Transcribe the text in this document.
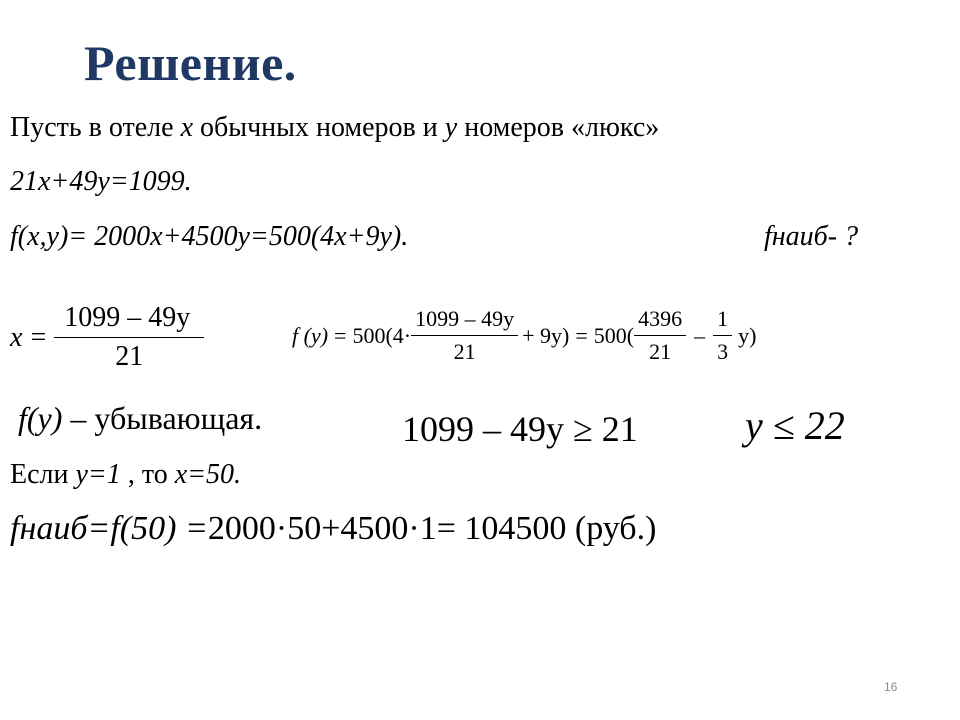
Решение.
Пусть в отеле x обычных номеров и y номеров «люкс»
21x+49y=1099.
f(x,y)= 2000x+4500y=500(4x+9y).	fнаиб- ?
$x = \frac{1099 - 49y}{21}$	f $(y) = 500(4\cdot \frac{1099 - 49y}{21} + 9y) = 500( \frac{4396}{21} - \frac{1}{3} y)$
f(y) – убывающая.	1099 – 49y ≥ 21	y ≤ 22
Если y=1 , то x=50.
fнаиб=f(50) =2000·50+4500·1= 104500 (руб.)
16
